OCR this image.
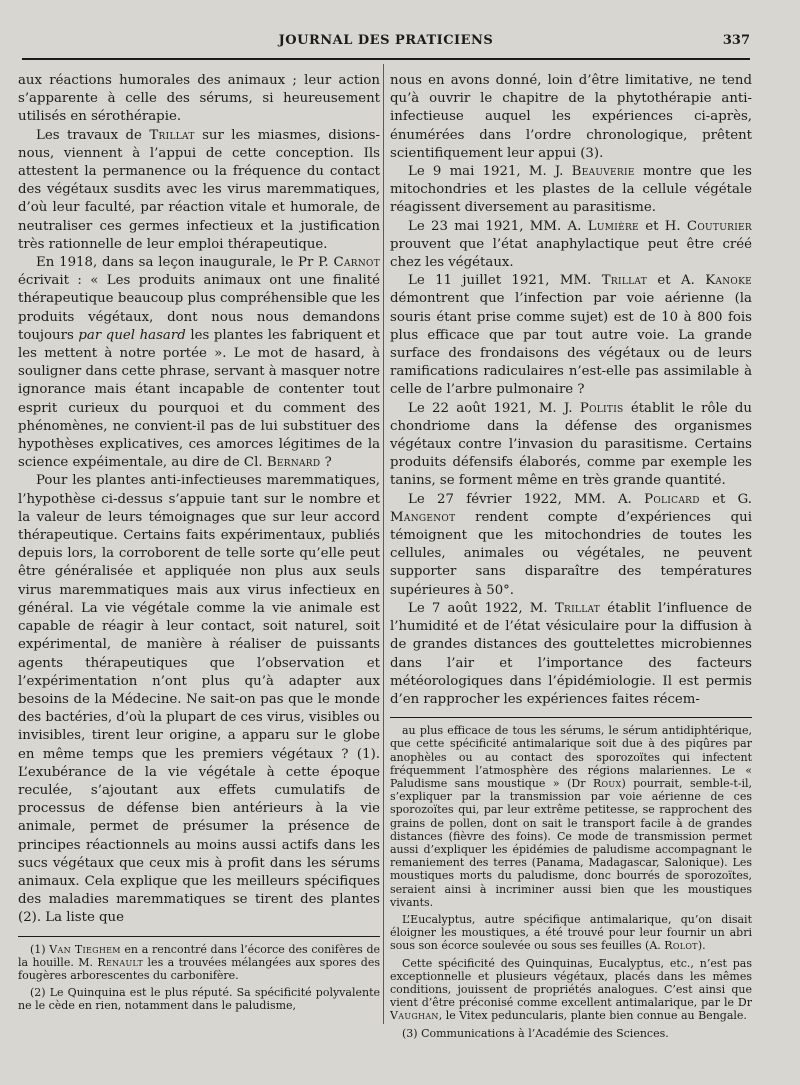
JOURNAL DES PRATICIENS	337

aux réactions humorales des animaux ; leur action s’apparente à celle des sérums, si heureusement utilisés en sérothérapie.

Les travaux de Trillat sur les miasmes, disions-nous, viennent à l’appui de cette conception. Ils attestent la permanence ou la fréquence du contact des végétaux susdits avec les virus maremmatiques, d’où leur faculté, par réaction vitale et humorale, de neutraliser ces germes infectieux et la justification très rationnelle de leur emploi thérapeutique.

En 1918, dans sa leçon inaugurale, le Pr P. Carnot écrivait : « Les produits animaux ont une finalité thérapeutique beaucoup plus compréhensible que les produits végétaux, dont nous nous demandons toujours par quel hasard les plantes les fabriquent et les mettent à notre portée ». Le mot de hasard, à souligner dans cette phrase, servant à masquer notre ignorance mais étant incapable de contenter tout esprit curieux du pourquoi et du comment des phénomènes, ne convient-il pas de lui substituer des hypothèses explicatives, ces amorces légitimes de la science expéimentale, au dire de Cl. Bernard ?

Pour les plantes anti-infectieuses maremmatiques, l’hypothèse ci-dessus s’appuie tant sur le nombre et la valeur de leurs témoignages que sur leur accord thérapeutique. Certains faits expérimentaux, publiés depuis lors, la corroborent de telle sorte qu’elle peut être généralisée et appliquée non plus aux seuls virus maremmatiques mais aux virus infectieux en général. La vie végétale comme la vie animale est capable de réagir à leur contact, soit naturel, soit expérimental, de manière à réaliser de puissants agents thérapeutiques que l’observation et l’expérimentation n’ont plus qu’à adapter aux besoins de la Médecine. Ne sait-on pas que le monde des bactéries, d’où la plupart de ces virus, visibles ou invisibles, tirent leur origine, a apparu sur le globe en même temps que les premiers végétaux ? (1). L’exubérance de la vie végétale à cette époque reculée, s’ajoutant aux effets cumulatifs de processus de défense bien antérieurs à la vie animale, permet de présumer la présence de principes réactionnels au moins aussi actifs dans les sucs végétaux que ceux mis à profit dans les sérums animaux. Cela explique que les meilleurs spécifiques des maladies maremmatiques se tirent des plantes (2). La liste que

(1) Van Tieghem en a rencontré dans l’écorce des conifères de la houille. M. Renault les a trouvées mélangées aux spores des fougères arborescentes du carbonifère.

(2) Le Quinquina est le plus réputé. Sa spécificité polyvalente ne le cède en rien, notamment dans le paludisme,

nous en avons donné, loin d’être limitative, ne tend qu’à ouvrir le chapitre de la phytothérapie anti-infectieuse auquel les expériences ci-après, énumérées dans l’ordre chronologique, prêtent scientifiquement leur appui (3).

Le 9 mai 1921, M. J. Beauverie montre que les mitochondries et les plastes de la cellule végétale réagissent diversement au parasitisme.

Le 23 mai 1921, MM. A. Lumière et H. Couturier prouvent que l’état anaphylactique peut être créé chez les végétaux.

Le 11 juillet 1921, MM. Trillat et A. Kanoke démontrent que l’infection par voie aérienne (la souris étant prise comme sujet) est de 10 à 800 fois plus efficace que par tout autre voie. La grande surface des frondaisons des végétaux ou de leurs ramifications radiculaires n’est-elle pas assimilable à celle de l’arbre pulmonaire ?

Le 22 août 1921, M. J. Politis établit le rôle du chondriome dans la défense des organismes végétaux contre l’invasion du parasitisme. Certains produits défensifs élaborés, comme par exemple les tanins, se forment même en très grande quantité.

Le 27 février 1922, MM. A. Policard et G. Mangenot rendent compte d’expériences qui témoignent que les mitochondries de toutes les cellules, animales ou végétales, ne peuvent supporter sans disparaître des températures supérieures à 50°.

Le 7 août 1922, M. Trillat établit l’influence de l’humidité et de l’état vésiculaire pour la diffusion à de grandes distances des gouttelettes microbiennes dans l’air et l’importance des facteurs météorologiques dans l’épidémiologie. Il est permis d’en rapprocher les expériences faites récem-

au plus efficace de tous les sérums, le sérum antidiphtérique, que cette spécificité antimalarique soit due à des piqûres par anophèles ou au contact des sporozoïtes qui infectent fréquemment l’atmosphère des régions malariennes. Le « Paludisme sans moustique » (Dr Roux) pourrait, semble-t-il, s’expliquer par la transmission par voie aérienne de ces sporozoïtes qui, par leur extrême petitesse, se rapprochent des grains de pollen, dont on sait le transport facile à de grandes distances (fièvre des foins). Ce mode de transmission permet aussi d’expliquer les épidémies de paludisme accompagnant le remaniement des terres (Panama, Madagascar, Salonique). Les moustiques morts du paludisme, donc bourrés de sporozoïtes, seraient ainsi à incriminer aussi bien que les moustiques vivants.

L’Eucalyptus, autre spécifique antimalarique, qu’on disait éloigner les moustiques, a été trouvé pour leur fournir un abri sous son écorce soulevée ou sous ses feuilles (A. Rolot).

Cette spécificité des Quinquinas, Eucalyptus, etc., n’est pas exceptionnelle et plusieurs végétaux, placés dans les mêmes conditions, jouissent de propriétés analogues. C’est ainsi que vient d’être préconisé comme excellent antimalarique, par le Dr Vaughan, le Vitex peduncularis, plante bien connue au Bengale.

(3) Communications à l’Académie des Sciences.
